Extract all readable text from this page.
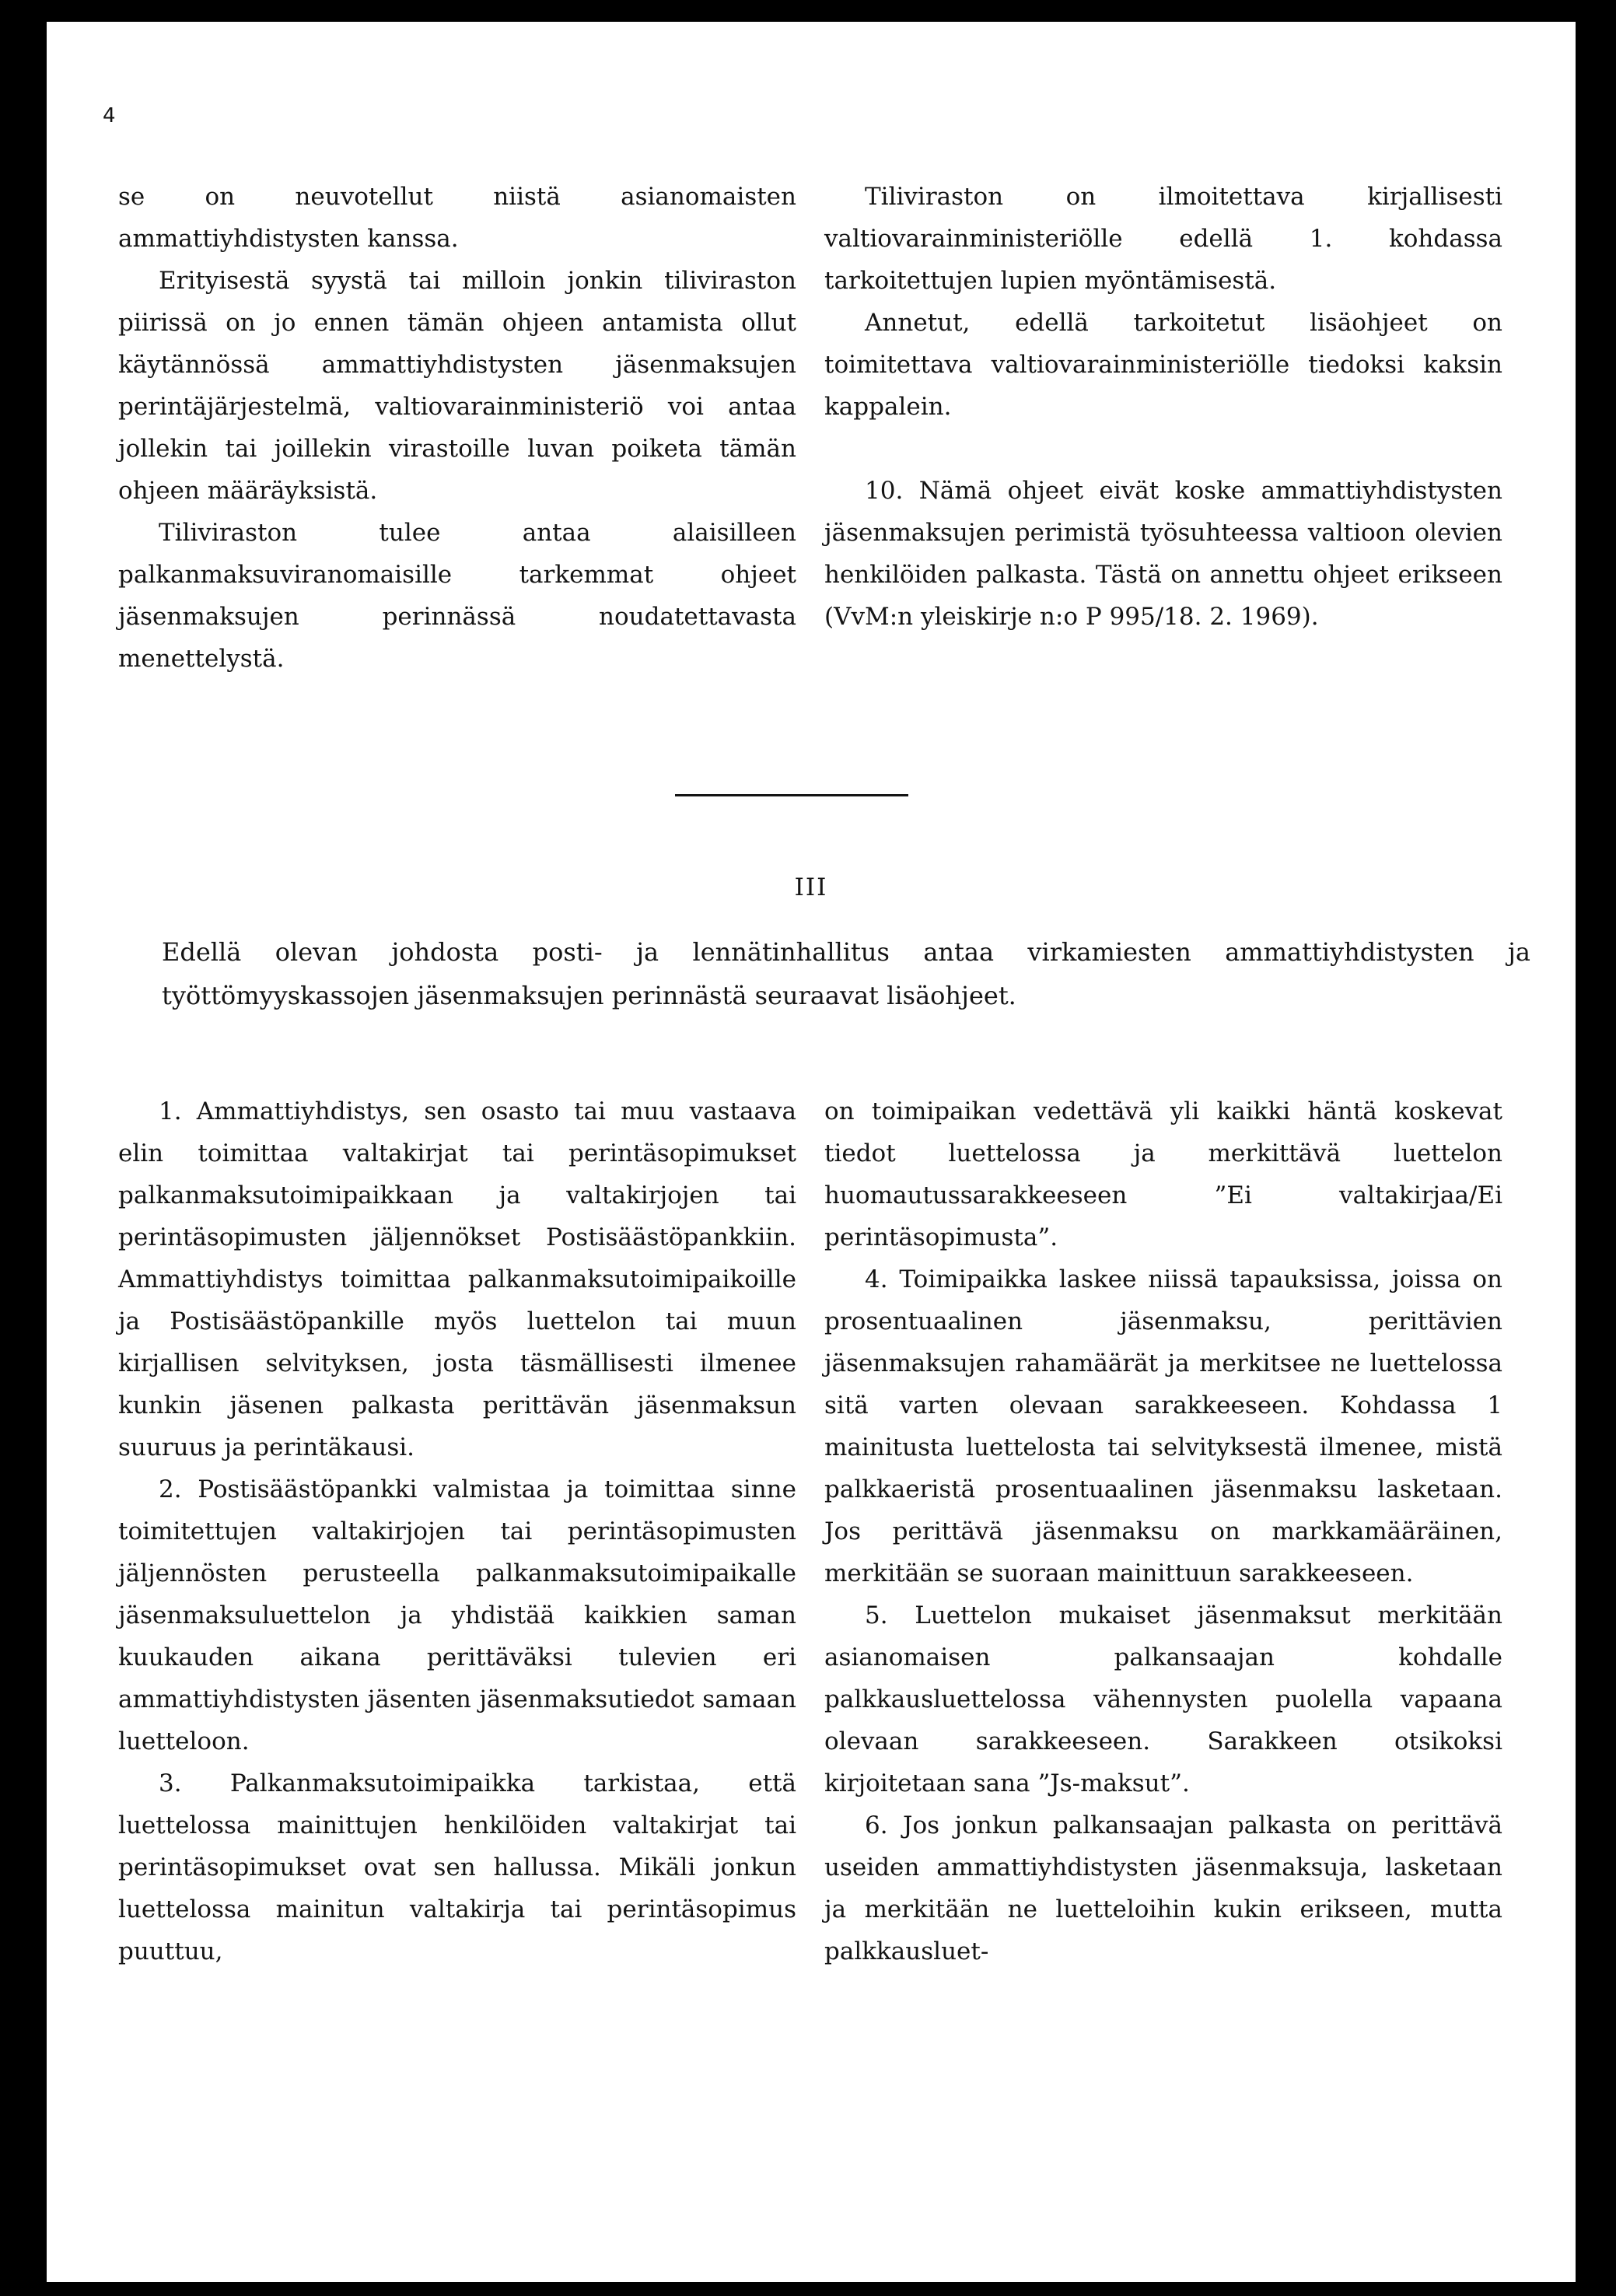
4

se on neuvotellut niistä asianomaisten ammattiyhdistysten kanssa.

Erityisestä syystä tai milloin jonkin tiliviraston piirissä on jo ennen tämän ohjeen antamista ollut käytännössä ammattiyhdistysten jäsenmaksujen perintäjärjestelmä, valtiovarainministeriö voi antaa jollekin tai joillekin virastoille luvan poiketa tämän ohjeen määräyksistä.

Tiliviraston tulee antaa alaisilleen palkanmaksuviranomaisille tarkemmat ohjeet jäsenmaksujen perinnässä noudatettavasta menettelystä.

Tiliviraston on ilmoitettava kirjallisesti valtiovarainministeriölle edellä 1. kohdassa tarkoitettujen lupien myöntämisestä.

Annetut, edellä tarkoitetut lisäohjeet on toimitettava valtiovarainministeriölle tiedoksi kaksin kappalein.

10. Nämä ohjeet eivät koske ammattiyhdistysten jäsenmaksujen perimistä työsuhteessa valtioon olevien henkilöiden palkasta. Tästä on annettu ohjeet erikseen (VvM:n yleiskirje n:o P 995/18. 2. 1969).

III
Edellä olevan johdosta posti- ja lennätinhallitus antaa virkamiesten ammattiyhdistysten ja työttömyyskassojen jäsenmaksujen perinnästä seuraavat lisäohjeet.

1. Ammattiyhdistys, sen osasto tai muu vastaava elin toimittaa valtakirjat tai perintäsopimukset palkanmaksutoimipaikkaan ja valtakirjojen tai perintäsopimusten jäljennökset Postisäästöpankkiin. Ammattiyhdistys toimittaa palkanmaksutoimipaikoille ja Postisäästöpankille myös luettelon tai muun kirjallisen selvityksen, josta täsmällisesti ilmenee kunkin jäsenen palkasta perittävän jäsenmaksun suuruus ja perintäkausi.

2. Postisäästöpankki valmistaa ja toimittaa sinne toimitettujen valtakirjojen tai perintäsopimusten jäljennösten perusteella palkanmaksutoimipaikalle jäsenmaksuluettelon ja yhdistää kaikkien saman kuukauden aikana perittäväksi tulevien eri ammattiyhdistysten jäsenten jäsenmaksutiedot samaan luetteloon.

3. Palkanmaksutoimipaikka tarkistaa, että luettelossa mainittujen henkilöiden valtakirjat tai perintäsopimukset ovat sen hallussa. Mikäli jonkun luettelossa mainitun valtakirja tai perintäsopimus puuttuu,

on toimipaikan vedettävä yli kaikki häntä koskevat tiedot luettelossa ja merkittävä luettelon huomautussarakkeeseen ”Ei valtakirjaa/Ei perintäsopimusta”.

4. Toimipaikka laskee niissä tapauksissa, joissa on prosentuaalinen jäsenmaksu, perittävien jäsenmaksujen rahamäärät ja merkitsee ne luettelossa sitä varten olevaan sarakkeeseen. Kohdassa 1 mainitusta luettelosta tai selvityksestä ilmenee, mistä palkkaeristä prosentuaalinen jäsenmaksu lasketaan. Jos perittävä jäsenmaksu on markkamääräinen, merkitään se suoraan mainittuun sarakkeeseen.

5. Luettelon mukaiset jäsenmaksut merkitään asianomaisen palkansaajan kohdalle palkkausluettelossa vähennysten puolella vapaana olevaan sarakkeeseen. Sarakkeen otsikoksi kirjoitetaan sana ”Js-maksut”.

6. Jos jonkun palkansaajan palkasta on perittävä useiden ammattiyhdistysten jäsenmaksuja, lasketaan ja merkitään ne luetteloihin kukin erikseen, mutta palkkausluet-
